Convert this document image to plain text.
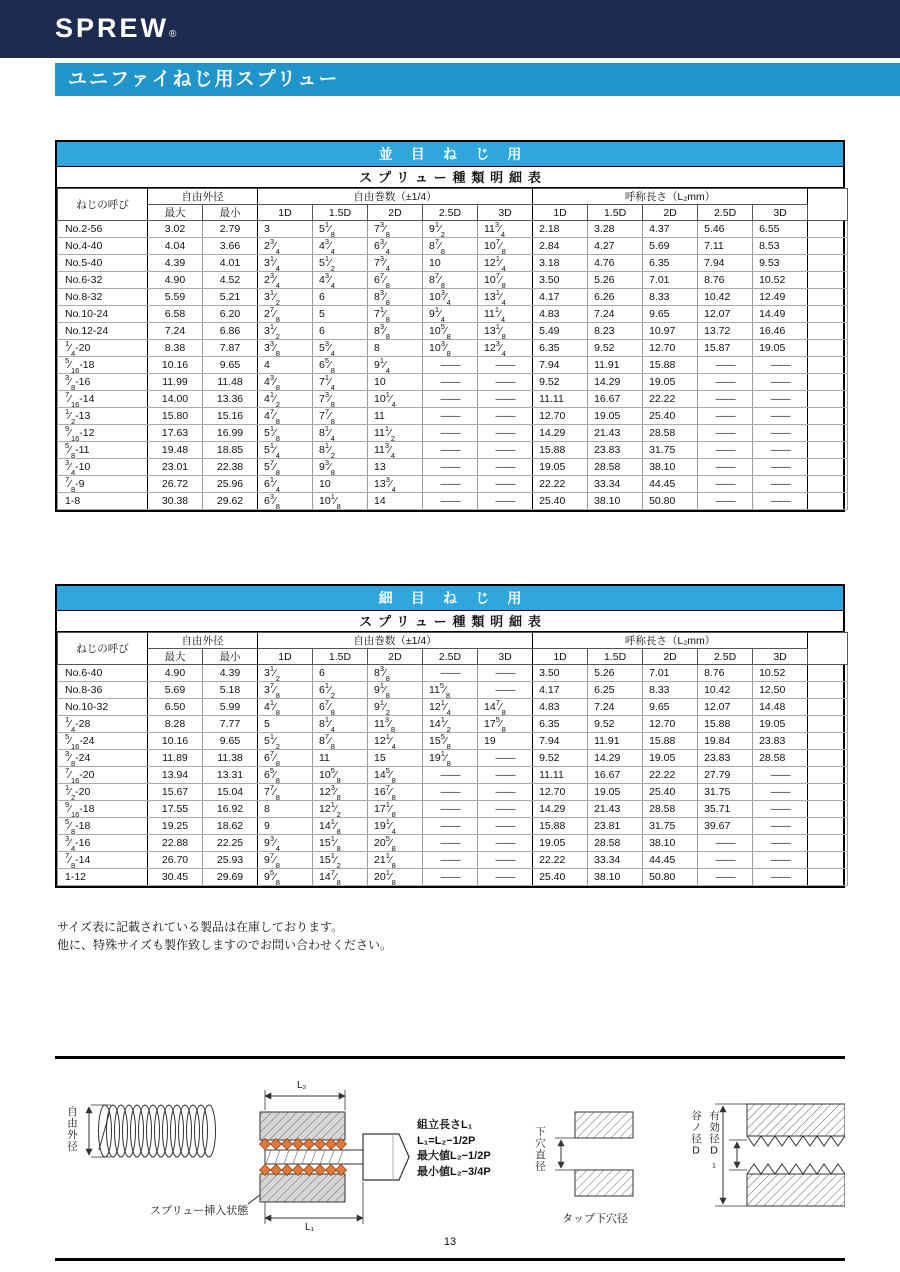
SPREW®
ユニファイねじ用スプリュー
並目ねじ用
スプリュー種類明細表
ねじの呼び	自由外径		自由巻数（±1/4）					呼称長さ（L₂mm）					
	最大	最小	1D	1.5D	2D	2.5D	3D	1D	1.5D	2D	2.5D	3D	
No.2-56	3.02	2.79	3	$5^1⁄_8$	$7^3⁄_8$	$9^1⁄_2$	$11^3⁄_4$	2.18	3.28	4.37	5.46	6.55	
No.4-40	4.04	3.66	$2^3⁄_4$	$4^3⁄_4$	$6^3⁄_4$	$8^7⁄_8$	$10^7⁄_8$	2.84	4.27	5.69	7.11	8.53	
No.5-40	4.39	4.01	$3^1⁄_4$	$5^1⁄_2$	$7^3⁄_4$	10	$12^1⁄_4$	3.18	4.76	6.35	7.94	9.53	
No.6-32	4.90	4.52	$2^3⁄_4$	$4^3⁄_4$	$6^7⁄_8$	$8^7⁄_8$	$10^7⁄_8$	3.50	5.26	7.01	8.76	10.52	
No.8-32	5.59	5.21	$3^1⁄_2$	6	$8^3⁄_8$	$10^3⁄_4$	$13^1⁄_4$	4.17	6.26	8.33	10.42	12.49	
No.10-24	6.58	6.20	$2^7⁄_8$	5	$7^1⁄_8$	$9^1⁄_4$	$11^1⁄_4$	4.83	7.24	9.65	12.07	14.49	
No.12-24	7.24	6.86	$3^1⁄_2$	6	$8^3⁄_8$	$10^5⁄_8$	$13^1⁄_8$	5.49	8.23	10.97	13.72	16.46	
$^1⁄_4-20$	8.38	7.87	$3^3⁄_8$	$5^3⁄_4$	8	$10^3⁄_8$	$12^3⁄_4$	6.35	9.52	12.70	15.87	19.05	
$^5⁄_{16}-18$	10.16	9.65	4	$6^5⁄_8$	$9^1⁄_4$	——	——	7.94	11.91	15.88	——	——	
$^3⁄_8-16$	11.99	11.48	$4^3⁄_8$	$7^1⁄_4$	10	——	——	9.52	14.29	19.05	——	——	
$^7⁄_{16}-14$	14.00	13.36	$4^1⁄_2$	$7^3⁄_8$	$10^1⁄_4$	——	——	11.11	16.67	22.22	——	——	
$^1⁄_2-13$	15.80	15.16	$4^7⁄_8$	$7^7⁄_8$	11	——	——	12.70	19.05	25.40	——	——	
$^9⁄_{16}-12$	17.63	16.99	$5^1⁄_8$	$8^1⁄_4$	$11^1⁄_2$	——	——	14.29	21.43	28.58	——	——	
$^5⁄_8-11$	19.48	18.85	$5^1⁄_4$	$8^1⁄_2$	$11^3⁄_4$	——	——	15.88	23.83	31.75	——	——	
$^3⁄_4-10$	23.01	22.38	$5^7⁄_8$	$9^3⁄_8$	13	——	——	19.05	28.58	38.10	——	——	
$^7⁄_8-9$	26.72	25.96	$6^1⁄_4$	10	$13^3⁄_4$	——	——	22.22	33.34	44.45	——	——	
1-8	30.38	29.62	$6^3⁄_8$	$10^1⁄_8$	14	——	——	25.40	38.10	50.80	——	——	
細目ねじ用
スプリュー種類明細表
ねじの呼び	自由外径		自由巻数（±1/4）					呼称長さ（L₂mm）					
	最大	最小	1D	1.5D	2D	2.5D	3D	1D	1.5D	2D	2.5D	3D	
No.6-40	4.90	4.39	$3^1⁄_2$	6	$8^3⁄_8$	——	——	3.50	5.26	7.01	8.76	10.52	
No.8-36	5.69	5.18	$3^7⁄_8$	$6^1⁄_2$	$9^1⁄_8$	$11^5⁄_8$	——	4.17	6.25	8.33	10.42	12.50	
No.10-32	6.50	5.99	$4^1⁄_8$	$6^7⁄_8$	$9^1⁄_2$	$12^1⁄_4$	$14^7⁄_8$	4.83	7.24	9.65	12.07	14.48	
$^1⁄_4-28$	8.28	7.77	5	$8^1⁄_4$	$11^3⁄_8$	$14^1⁄_2$	$17^5⁄_8$	6.35	9.52	12.70	15.88	19.05	
$^5⁄_{16}-24$	10.16	9.65	$5^1⁄_2$	$8^7⁄_8$	$12^1⁄_4$	$15^5⁄_8$	19	7.94	11.91	15.88	19.84	23.83	
$^3⁄_8-24$	11.89	11.38	$6^7⁄_8$	11	15	$19^1⁄_8$	——	9.52	14.29	19.05	23.83	28.58	
$^7⁄_{16}-20$	13.94	13.31	$6^5⁄_8$	$10^5⁄_8$	$14^5⁄_8$	——	——	11.11	16.67	22.22	27.79	——	
$^1⁄_2-20$	15.67	15.04	$7^7⁄_8$	$12^3⁄_8$	$16^7⁄_8$	——	——	12.70	19.05	25.40	31.75	——	
$^9⁄_{16}-18$	17.55	16.92	8	$12^1⁄_2$	$17^1⁄_8$	——	——	14.29	21.43	28.58	35.71	——	
$^5⁄_8-18$	19.25	18.62	9	$14^1⁄_8$	$19^1⁄_4$	——	——	15.88	23.81	31.75	39.67	——	
$^3⁄_4-16$	22.88	22.25	$9^3⁄_4$	$15^1⁄_8$	$20^5⁄_8$	——	——	19.05	28.58	38.10	——	——	
$^7⁄_8-14$	26.70	25.93	$9^7⁄_8$	$15^1⁄_2$	$21^1⁄_8$	——	——	22.22	33.34	44.45	——	——	
1-12	30.45	29.69	$9^5⁄_8$	$14^7⁄_8$	$20^1⁄_8$	——	——	25.40	38.10	50.80	——	——	
サイズ表に記載されている製品は在庫しております。
他に、特殊サイズも製作致しますのでお問い合わせください。
自由外径
スプリュー挿入状態
L₂
L₁
組立長さL₁
L₁=L₂−1/2P
最大値L₂−1/2P
最小値L₂−3/4P	下穴直径
タップ下穴径
谷ノ径D 有効径D₁
13
